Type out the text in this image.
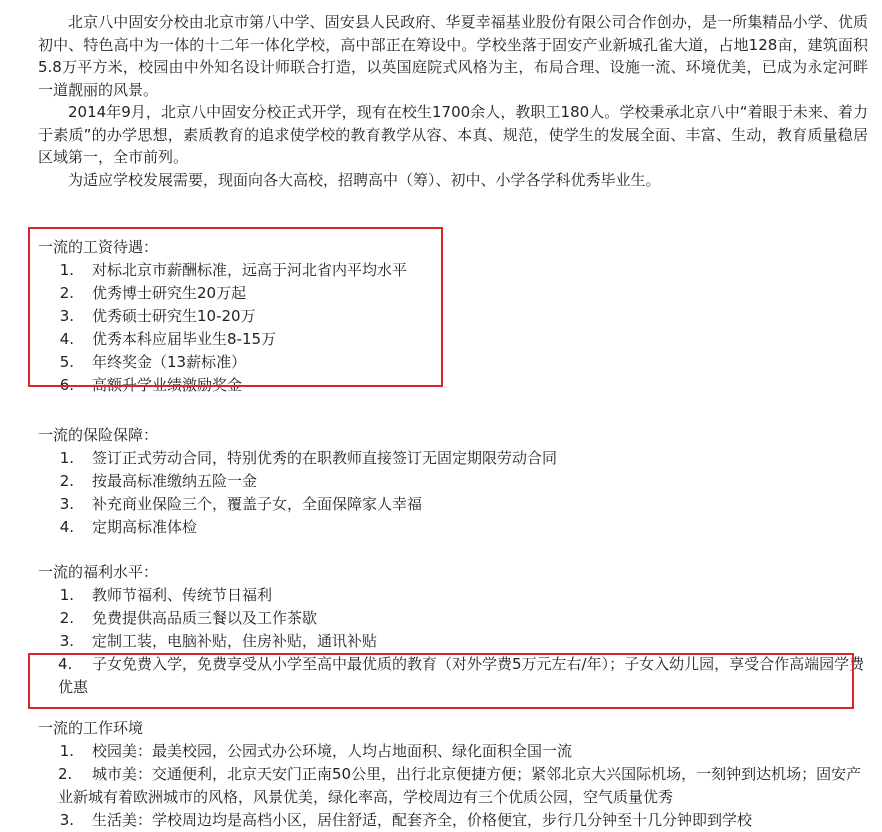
北京八中固安分校由北京市第八中学、固安县人民政府、华夏幸福基业股份有限公司合作创办，是一所集精品小学、优质初中、特色高中为一体的十二年一体化学校，高中部正在筹设中。学校坐落于固安产业新城孔雀大道，占地128亩，建筑面积5.8万平方米，校园由中外知名设计师联合打造，以英国庭院式风格为主，布局合理、设施一流、环境优美，已成为永定河畔一道靓丽的风景。

2014年9月，北京八中固安分校正式开学，现有在校生1700余人，教职工180人。学校秉承北京八中“着眼于未来、着力于素质”的办学思想，素质教育的追求使学校的教育教学从容、本真、规范，使学生的发展全面、丰富、生动，教育质量稳居区域第一，全市前列。

为适应学校发展需要，现面向各大高校，招聘高中（筹）、初中、小学各学科优秀毕业生。

一流的工资待遇：

1.	对标北京市薪酬标准，远高于河北省内平均水平
2.	优秀博士研究生20万起
3.	优秀硕士研究生10-20万
4.	优秀本科应届毕业生8-15万
5.	年终奖金（13薪标准）
6.	高额升学业绩激励奖金

一流的保险保障：

1.	签订正式劳动合同，特别优秀的在职教师直接签订无固定期限劳动合同
2.	按最高标准缴纳五险一金
3.	补充商业保险三个，覆盖子女，全面保障家人幸福
4.	定期高标准体检

一流的福利水平：

1.	教师节福利、传统节日福利
2.	免费提供高品质三餐以及工作茶歇
3.	定制工装，电脑补贴，住房补贴，通讯补贴
4. 子女免费入学，免费享受从小学至高中最优质的教育（对外学费5万元左右/年）；子女入幼儿园，享受合作高端园学费优惠

一流的工作环境

1.	校园美：最美校园，公园式办公环境，人均占地面积、绿化面积全国一流
2. 城市美：交通便利，北京天安门正南50公里，出行北京便捷方便；紧邻北京大兴国际机场，一刻钟到达机场；固安产业新城有着欧洲城市的风格，风景优美，绿化率高，学校周边有三个优质公园，空气质量优秀
3.	生活美：学校周边均是高档小区，居住舒适，配套齐全，价格便宜，步行几分钟至十几分钟即到学校
